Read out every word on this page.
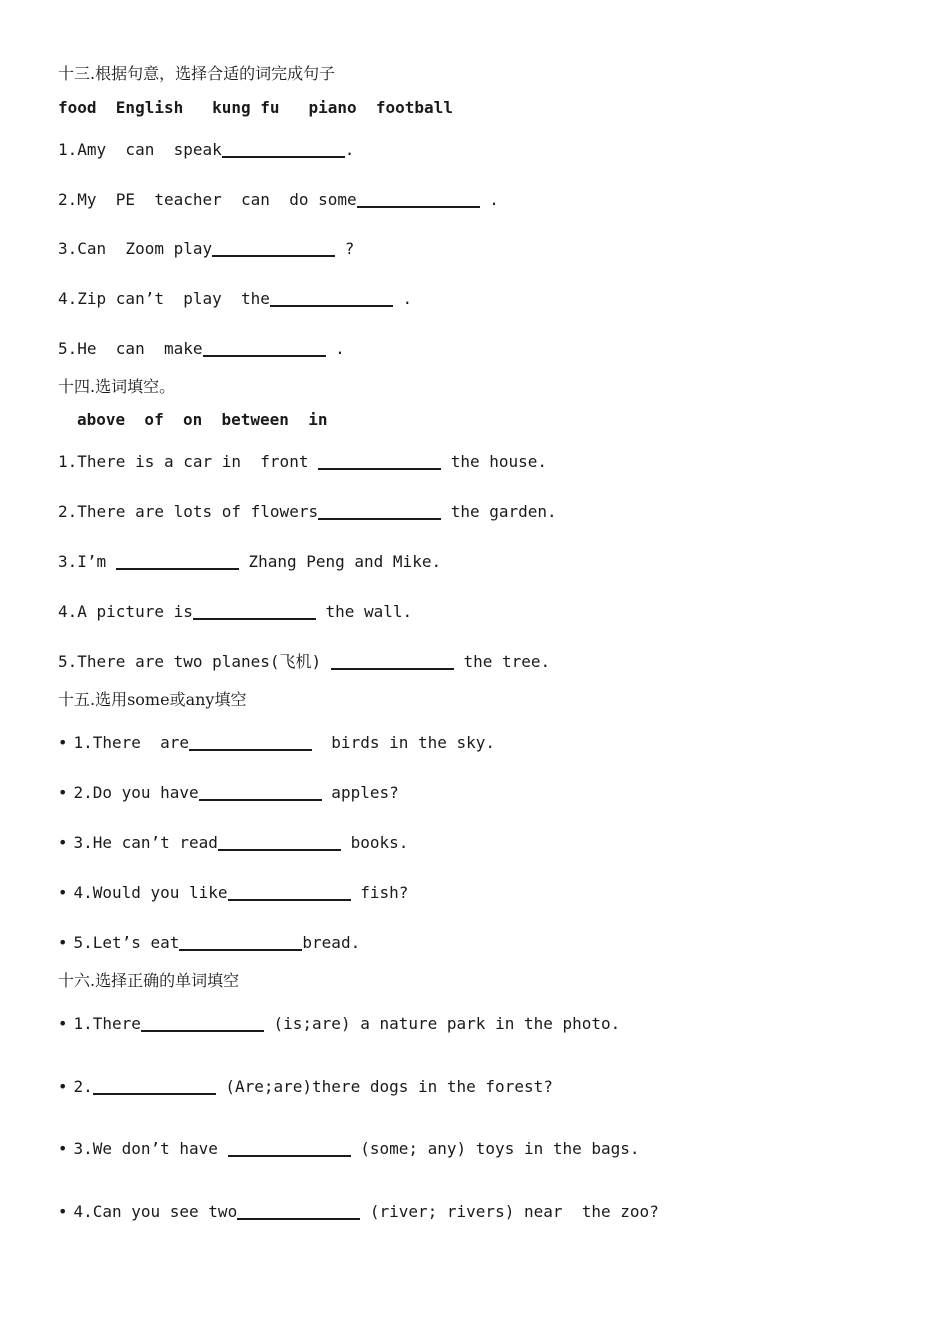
十三.根据句意，选择合适的词完成句子
food  English   kung fu   piano  football
1.Amy  can  speak	.
2.My  PE  teacher  can  do some	.
3.Can  Zoom play	?
4.Zip can’t  play  the	.
5.He  can  make	.
十四.选词填空。
above  of  on  between  in
1.There is a car in  front	the house.
2.There are lots of flowers	the garden.
3.I’m	Zhang Peng and Mike.
4.A picture is	the wall.
5.There are two planes(飞机)	the tree.
十五.选用some或any填空
• 1.There  are	birds in the sky.
• 2.Do you have	apples?
• 3.He can’t read	books.
• 4.Would you like	fish?
• 5.Let’s eat	bread.
十六.选择正确的单词填空
• 1.There	(is;are) a nature park in the photo.
• 2.	(Are;are)there dogs in the forest?
• 3.We don’t have	(some; any) toys in the bags.
• 4.Can you see two	(river; rivers) near  the zoo?
